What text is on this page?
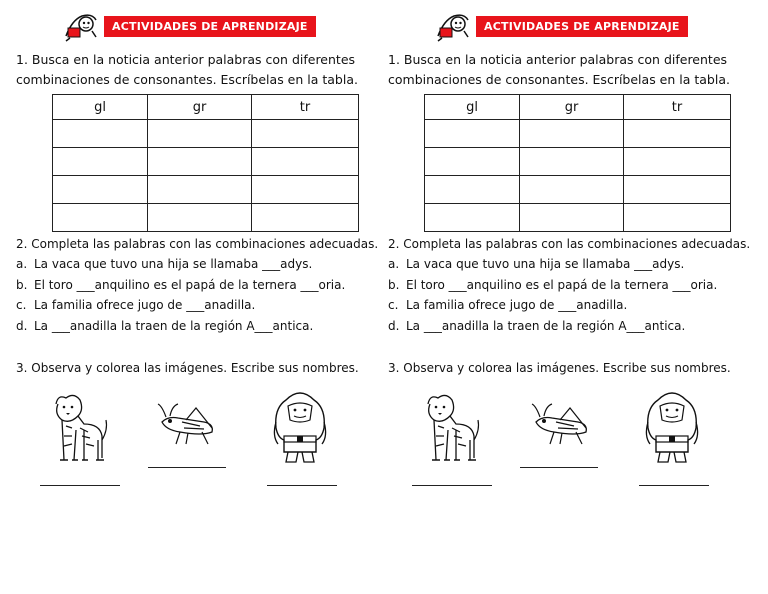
ACTIVIDADES DE APRENDIZAJE
1. Busca en la noticia anterior palabras con diferentes combinaciones de consonantes. Escríbelas en la tabla.
gl	gr	tr

2. Completa las palabras con las combinaciones adecuadas.
a. La vaca que tuvo una hija se llamaba ___adys.
b. El toro ___anquilino es el papá de la ternera ___oria.
c. La familia ofrece jugo de ___anadilla.
d. La ___anadilla la traen de la región A___antica.
3. Observa y colorea las imágenes. Escribe sus nombres.
ACTIVIDADES DE APRENDIZAJE
1. Busca en la noticia anterior palabras con diferentes combinaciones de consonantes. Escríbelas en la tabla.
gl	gr	tr

2. Completa las palabras con las combinaciones adecuadas.
a. La vaca que tuvo una hija se llamaba ___adys.
b. El toro ___anquilino es el papá de la ternera ___oria.
c. La familia ofrece jugo de ___anadilla.
d. La ___anadilla la traen de la región A___antica.
3. Observa y colorea las imágenes. Escribe sus nombres.
